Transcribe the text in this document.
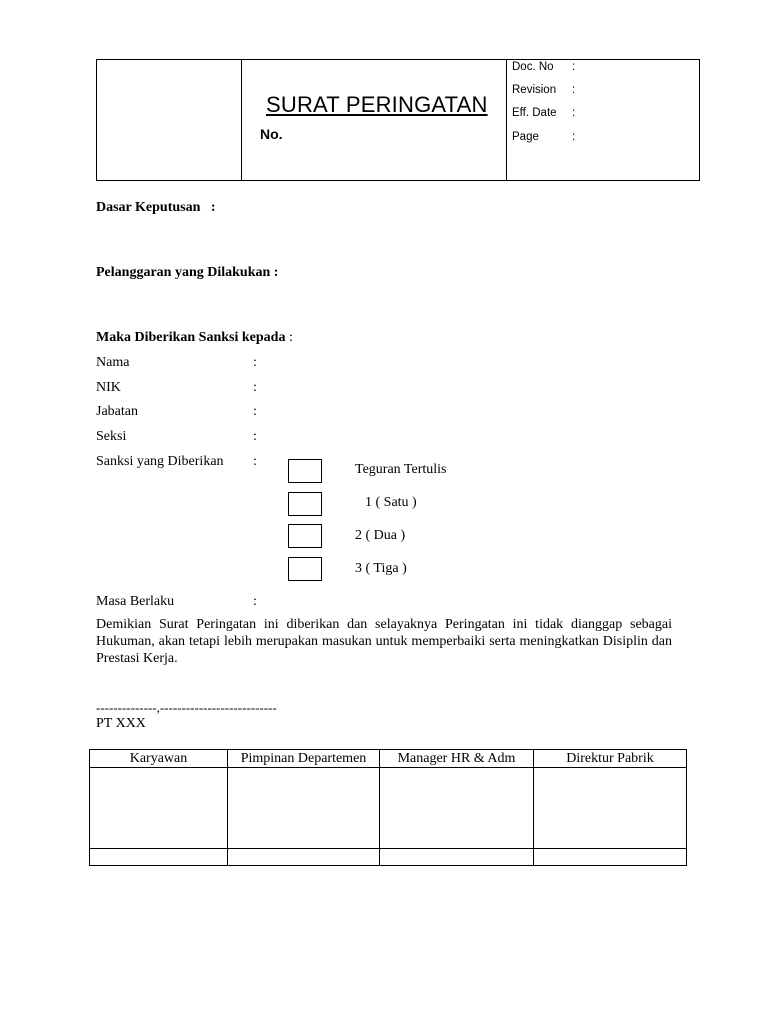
SURAT PERINGATAN
No.
Doc. No :
Revision :
Eff. Date :
Page	:
Dasar Keputusan   :
Pelanggaran yang Dilakukan :
Maka Diberikan Sanksi kepada :
Nama	:
NIK	:
Jabatan	:
Seksi	:
Sanksi yang Diberikan :
Teguran Tertulis
1 ( Satu )
2 ( Dua )
3 ( Tiga )
Masa Berlaku	:
Demikian Surat Peringatan ini diberikan dan selayaknya Peringatan ini tidak dianggap sebagai Hukuman, akan tetapi lebih merupakan masukan untuk memperbaiki serta meningkatkan Disiplin dan Prestasi Kerja.
--------------,---------------------------
PT XXX
Karyawan	Pimpinan Departemen	Manager HR & Adm	Direktur Pabrik
